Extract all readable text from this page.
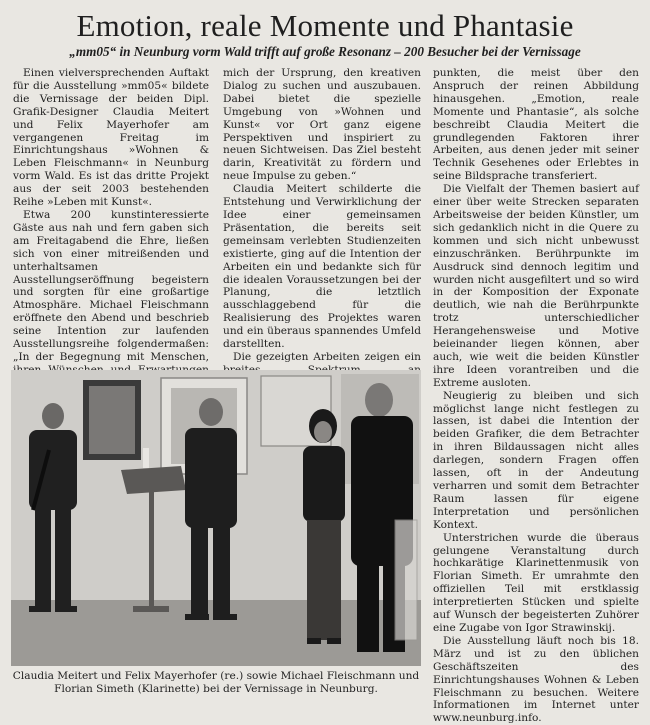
Emotion, reale Momente und Phantasie
„mm05“ in Neunburg vorm Wald trifft auf große Resonanz – 200 Besucher bei der Vernissage

Einen vielversprechenden Auftakt für die Ausstellung »mm05« bildete die Vernissage der beiden Dipl. Grafik-Designer Claudia Meitert und Felix Mayerhofer am vergangenen Freitag im Einrichtungshaus »Wohnen & Leben Fleischmann« in Neunburg vorm Wald. Es ist das dritte Projekt aus der seit 2003 bestehenden Reihe »Leben mit Kunst«.

Etwa 200 kunstinteressierte Gäste aus nah und fern gaben sich am Freitagabend die Ehre, ließen sich von einer mitreißenden und unterhaltsamen Ausstellungseröffnung begeistern und sorgten für eine großartige Atmosphäre. Michael Fleischmann eröffnete den Abend und beschrieb seine Intention zur laufenden Ausstellungsreihe folgendermaßen: „In der Begegnung mit Menschen,

mich der Ursprung, den kreativen Dialog zu suchen und auszubauen. Dabei bietet die spezielle Umgebung von »Wohnen und Kunst« vor Ort ganz eigene Perspektiven und inspiriert zu neuen Sichtweisen. Das Ziel besteht darin, Kreativität zu fördern und neue Impulse zu geben.“

Claudia Meitert schilderte die Entstehung und Verwirklichung der Idee einer gemeinsamen Präsentation, die bereits seit gemeinsam verlebten Studienzeiten existierte, ging auf die Intention der Arbeiten ein und bedankte sich für die idealen Voraussetzungen bei der Planung, die letztlich ausschlaggebend für die Realisierung des Projektes waren und ein überaus spannendes Umfeld darstellten.

Die gezeigten Arbeiten zeigen ein

punkten, die meist über den Anspruch der reinen Abbildung hinausgehen. „Emotion, reale Momente und Phantasie“, als solche beschreibt Claudia Meitert die grundlegenden Faktoren ihrer Arbeiten, aus denen jeder mit seiner Technik Gesehenes oder Erlebtes in seine Bildsprache transferiert.

Die Vielfalt der Themen basiert auf einer über weite Strecken separaten Arbeitsweise der beiden Künstler, um sich gedanklich nicht in die Quere zu kommen und sich nicht unbewusst einzuschränken. Berührpunkte im Ausdruck sind dennoch legitim und wurden nicht ausgefiltert und so wird in der Komposition der Exponate deutlich, wie nah die Berührpunkte trotz unterschiedlicher Herangehensweise und Motive beieinander liegen können, aber auch, wie weit die beiden Künstler ihre Ideen vorantreiben und die Extreme ausloten.

Neugierig zu bleiben und sich möglichst lange nicht festlegen zu lassen, ist dabei die Intention der beiden Grafiker, die dem Betrachter in ihren Bildaussagen nicht alles darlegen, sondern Fragen offen lassen, oft in der Andeutung verharren und somit dem Betrachter Raum lassen für eigene Interpretation und persönlichen Kontext.

Unterstrichen wurde die überaus gelungene Veranstaltung durch hochkarätige Klarinettenmusik von Florian Simeth. Er umrahmte den offiziellen Teil mit erstklassig interpretierten Stücken und spielte auf Wunsch der begeisterten Zuhörer eine Zugabe von Igor Strawinskij.

Die Ausstellung läuft noch bis 18. März und ist zu den üblichen Geschäftszeiten des Einrichtungshauses Wohnen & Leben Fleischmann zu besuchen. Weitere Informationen im Internet unter www.neunburg.info.

Claudia Meitert und Felix Mayerhofer (re.) sowie Michael Fleischmann und Florian Simeth (Klarinette) bei der Vernissage in Neunburg.
